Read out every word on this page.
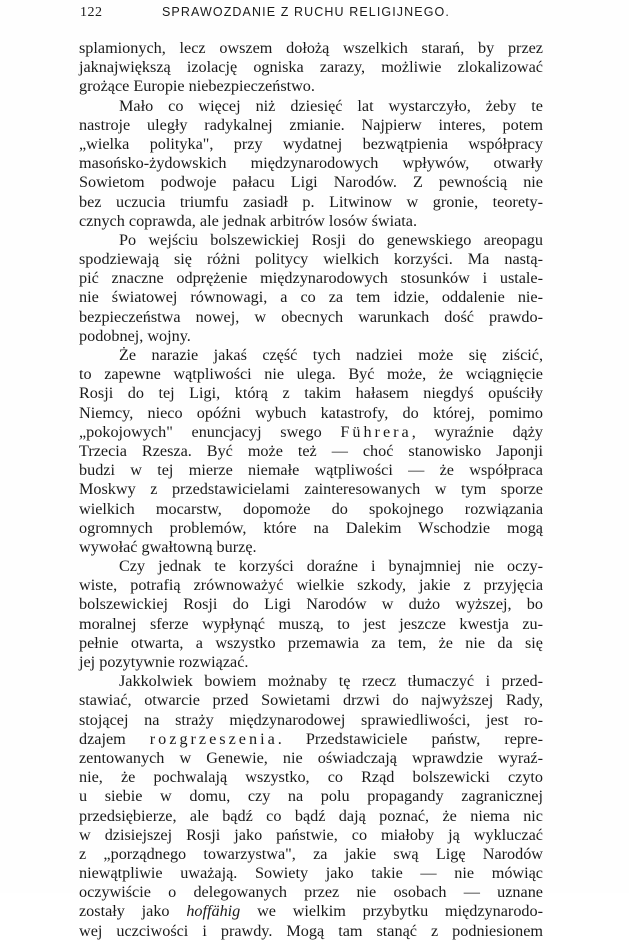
122	SPRAWOZDANIE Z RUCHU RELIGIJNEGO.
splamionych, lecz owszem dołożą wszelkich starań, by przez
jaknajwiększą izolację ogniska zarazy, możliwie zlokalizować
grożące Europie niebezpieczeństwo.
Mało co więcej niż dziesięć lat wystarczyło, żeby te
nastroje uległy radykalnej zmianie. Najpierw interes, potem
„wielka polityka", przy wydatnej bezwątpienia współpracy
masońsko-żydowskich międzynarodowych wpływów, otwarły
Sowietom podwoje pałacu Ligi Narodów. Z pewnością nie
bez uczucia triumfu zasiadł p. Litwinow w gronie, teorety-
cznych coprawda, ale jednak arbitrów losów świata.
Po wejściu bolszewickiej Rosji do genewskiego areopagu
spodziewają się różni politycy wielkich korzyści. Ma nastą-
pić znaczne odprężenie międzynarodowych stosunków i ustale-
nie światowej równowagi, a co za tem idzie, oddalenie nie-
bezpieczeństwa nowej, w obecnych warunkach dość prawdo-
podobnej, wojny.
Że narazie jakaś część tych nadziei może się ziścić,
to zapewne wątpliwości nie ulega. Być może, że wciągnięcie
Rosji do tej Ligi, którą z takim hałasem niegdyś opuściły
Niemcy, nieco opóźni wybuch katastrofy, do której, pomimo
„pokojowych" enuncjacyj swego Führera, wyraźnie dąży
Trzecia Rzesza. Być może też — choć stanowisko Japonji
budzi w tej mierze niemałe wątpliwości — że współpraca
Moskwy z przedstawicielami zainteresowanych w tym sporze
wielkich mocarstw, dopomoże do spokojnego rozwiązania
ogromnych problemów, które na Dalekim Wschodzie mogą
wywołać gwałtowną burzę.
Czy jednak te korzyści doraźne i bynajmniej nie oczy-
wiste, potrafią zrównoważyć wielkie szkody, jakie z przyjęcia
bolszewickiej Rosji do Ligi Narodów w dużo wyższej, bo
moralnej sferze wypłynąć muszą, to jest jeszcze kwestja zu-
pełnie otwarta, a wszystko przemawia za tem, że nie da się
jej pozytywnie rozwiązać.
Jakkolwiek bowiem możnaby tę rzecz tłumaczyć i przed-
stawiać, otwarcie przed Sowietami drzwi do najwyższej Rady,
stojącej na straży międzynarodowej sprawiedliwości, jest ro-
dzajem rozgrzeszenia. Przedstawiciele państw, repre-
zentowanych w Genewie, nie oświadczają wprawdzie wyraź-
nie, że pochwalają wszystko, co Rząd bolszewicki czyto
u siebie w domu, czy na polu propagandy zagranicznej
przedsiębierze, ale bądź co bądź dają poznać, że niema nic
w dzisiejszej Rosji jako państwie, co miałoby ją wykluczać
z „porządnego towarzystwa", za jakie swą Ligę Narodów
niewątpliwie uważają. Sowiety jako takie — nie mówiąc
oczywiście o delegowanych przez nie osobach — uznane
zostały jako hoffähig we wielkim przybytku międzynarodo-
wej uczciwości i prawdy. Mogą tam stanąć z podniesionem
